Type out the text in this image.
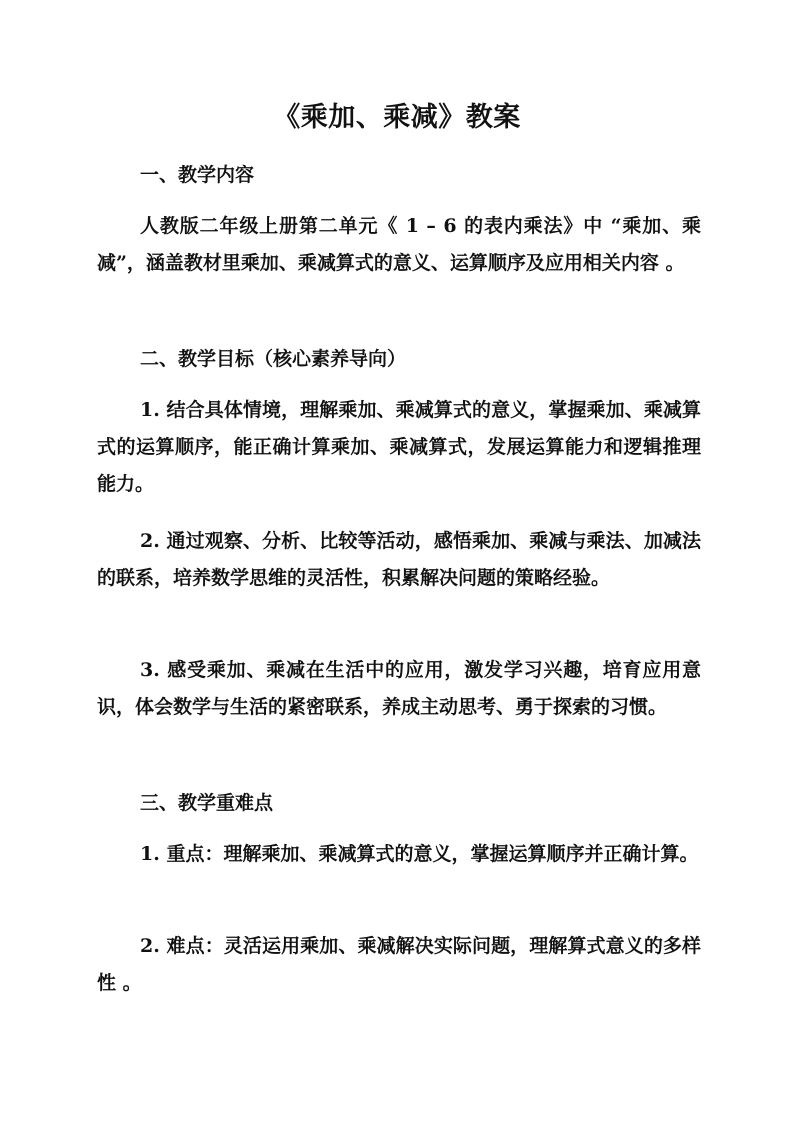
《乘加、乘减》教案
一、教学内容

人教版二年级上册第二单元《 1 – 6 的表内乘法》中 “乘加、乘减”，涵盖教材里乘加、乘减算式的意义、运算顺序及应用相关内容 。

二、教学目标（核心素养导向）

1. 结合具体情境，理解乘加、乘减算式的意义，掌握乘加、乘减算式的运算顺序，能正确计算乘加、乘减算式，发展运算能力和逻辑推理能力。

2. 通过观察、分析、比较等活动，感悟乘加、乘减与乘法、加减法的联系，培养数学思维的灵活性，积累解决问题的策略经验。

3. 感受乘加、乘减在生活中的应用，激发学习兴趣，培育应用意识，体会数学与生活的紧密联系，养成主动思考、勇于探索的习惯。

三、教学重难点

1. 重点：理解乘加、乘减算式的意义，掌握运算顺序并正确计算。

2. 难点：灵活运用乘加、乘减解决实际问题，理解算式意义的多样性 。
